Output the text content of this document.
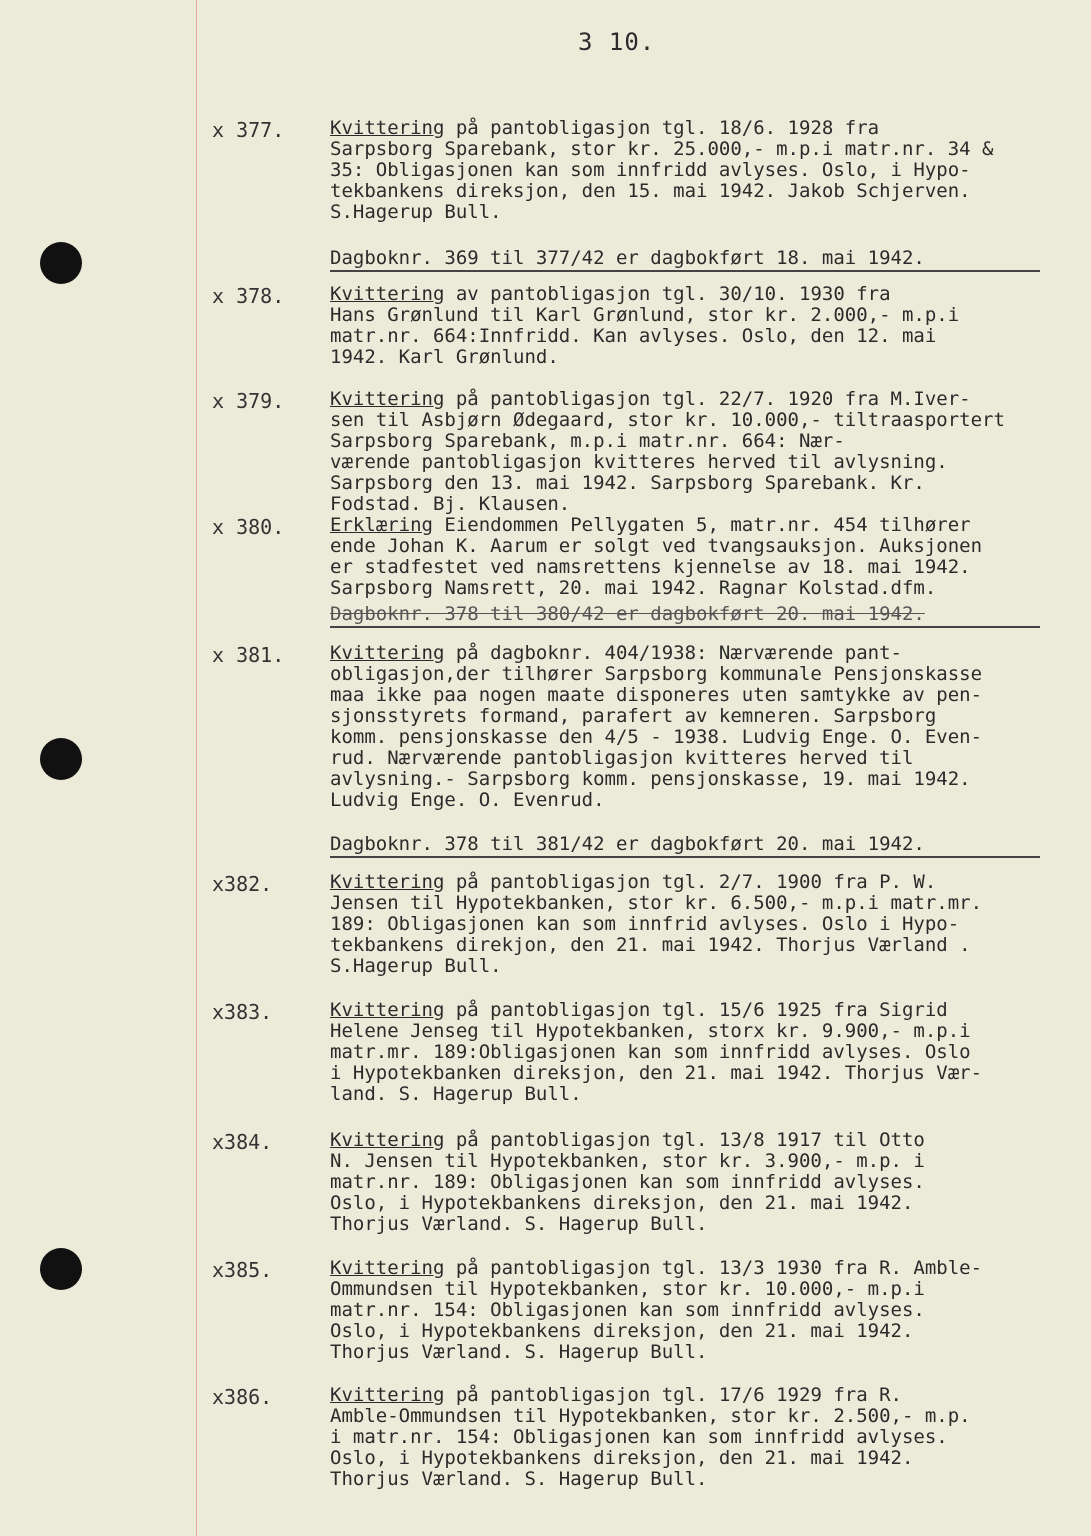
3 10.
x 377. Kvittering på pantobligasjon tgl. 18/6. 1928 fra
Sarpsborg Sparebank, stor kr. 25.000,- m.p.i matr.nr. 34 &
35: Obligasjonen kan som innfridd avlyses. Oslo, i Hypo-
tekbankens direksjon, den 15. mai 1942. Jakob Schjerven.
S.Hagerup Bull.
Dagboknr. 369 til 377/42 er dagbokført 18. mai 1942.
x 378. Kvittering av pantobligasjon tgl. 30/10. 1930 fra
Hans Grønlund til Karl Grønlund, stor kr. 2.000,- m.p.i
matr.nr. 664:Innfridd. Kan avlyses. Oslo, den 12. mai
1942. Karl Grønlund.
x 379. Kvittering på pantobligasjon tgl. 22/7. 1920 fra M.Iver-
sen til Asbjørn Ødegaard, stor kr. 10.000,- tiltraasportert
Sarpsborg Sparebank, m.p.i matr.nr. 664: Nær-
værende pantobligasjon kvitteres herved til avlysning.
Sarpsborg den 13. mai 1942. Sarpsborg Sparebank. Kr.
Fodstad. Bj. Klausen.
x 380. Erklæring Eiendommen Pellygaten 5, matr.nr. 454 tilhører
ende Johan K. Aarum er solgt ved tvangsauksjon. Auksjonen
er stadfestet ved namsrettens kjennelse av 18. mai 1942.
Sarpsborg Namsrett, 20. mai 1942. Ragnar Kolstad.dfm.
Dagboknr. 378 til 380/42 er dagbokført 20. mai 1942.
x 381. Kvittering på dagboknr. 404/1938: Nærværende pant-
obligasjon,der tilhører Sarpsborg kommunale Pensjonskasse
maa ikke paa nogen maate disponeres uten samtykke av pen-
sjonsstyrets formand, parafert av kemneren. Sarpsborg
komm. pensjonskasse den 4/5 - 1938. Ludvig Enge. O. Even-
rud. Nærværende pantobligasjon kvitteres herved til
avlysning.- Sarpsborg komm. pensjonskasse, 19. mai 1942.
Ludvig Enge. O. Evenrud.
Dagboknr. 378 til 381/42 er dagbokført 20. mai 1942.
x382.	Kvittering på pantobligasjon tgl. 2/7. 1900 fra P. W.
Jensen til Hypotekbanken, stor kr. 6.500,- m.p.i matr.mr.
189: Obligasjonen kan som innfrid avlyses. Oslo i Hypo-
tekbankens direkjon, den 21. mai 1942. Thorjus Værland .
S.Hagerup Bull.
x383.	Kvittering på pantobligasjon tgl. 15/6 1925 fra Sigrid
Helene Jenseg til Hypotekbanken, storx kr. 9.900,- m.p.i
matr.mr. 189:Obligasjonen kan som innfridd avlyses. Oslo
i Hypotekbanken direksjon, den 21. mai 1942. Thorjus Vær-
land. S. Hagerup Bull.
x384.	Kvittering på pantobligasjon tgl. 13/8 1917 til Otto
N. Jensen til Hypotekbanken, stor kr. 3.900,- m.p. i
matr.nr. 189: Obligasjonen kan som innfridd avlyses.
Oslo, i Hypotekbankens direksjon, den 21. mai 1942.
Thorjus Værland. S. Hagerup Bull.
x385.	Kvittering på pantobligasjon tgl. 13/3 1930 fra R. Amble-
Ommundsen til Hypotekbanken, stor kr. 10.000,- m.p.i
matr.nr. 154: Obligasjonen kan som innfridd avlyses.
Oslo, i Hypotekbankens direksjon, den 21. mai 1942.
Thorjus Værland. S. Hagerup Bull.
x386.	Kvittering på pantobligasjon tgl. 17/6 1929 fra R.
Amble-Ommundsen til Hypotekbanken, stor kr. 2.500,- m.p.
i matr.nr. 154: Obligasjonen kan som innfridd avlyses.
Oslo, i Hypotekbankens direksjon, den 21. mai 1942.
Thorjus Værland. S. Hagerup Bull.
